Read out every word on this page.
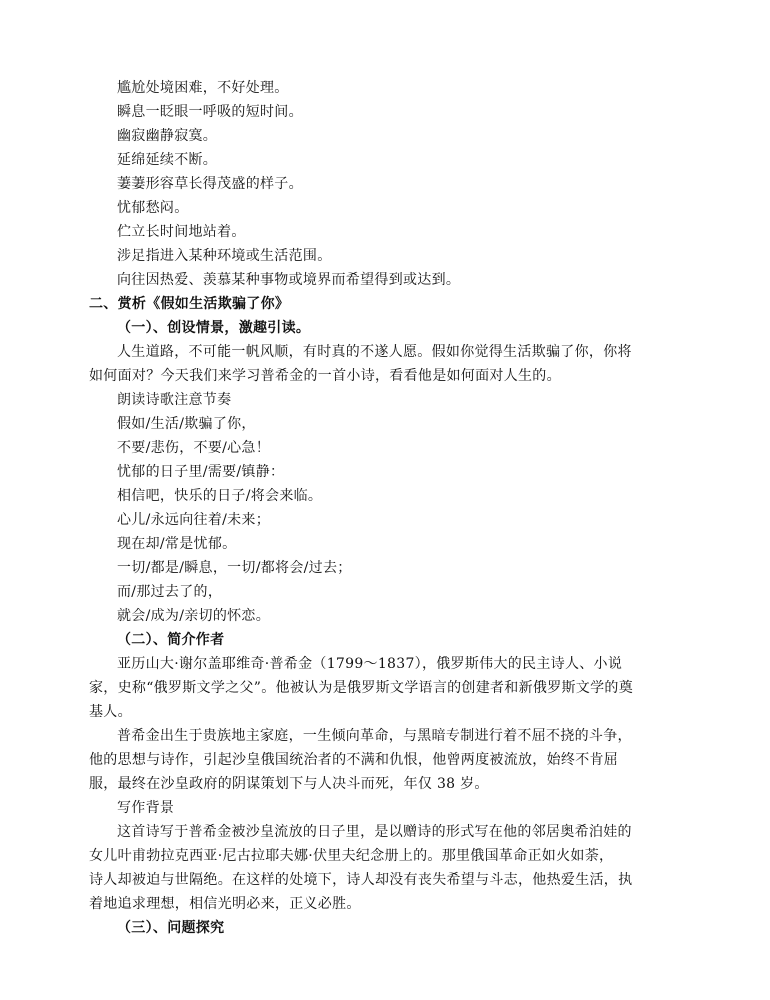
尴尬处境困难，不好处理。
瞬息一眨眼一呼吸的短时间。
幽寂幽静寂寞。
延绵延续不断。
萋萋形容草长得茂盛的样子。
忧郁愁闷。
伫立长时间地站着。
涉足指进入某种环境或生活范围。
向往因热爱、羡慕某种事物或境界而希望得到或达到。
二、赏析《假如生活欺骗了你》
（一）、创设情景，激趣引读。
人生道路，不可能一帆风顺，有时真的不遂人愿。假如你觉得生活欺骗了你，你将
如何面对？今天我们来学习普希金的一首小诗，看看他是如何面对人生的。
朗读诗歌注意节奏
假如/生活/欺骗了你，
不要/悲伤，不要/心急！
忧郁的日子里/需要/镇静：
相信吧，快乐的日子/将会来临。
心儿/永远向往着/未来；
现在却/常是忧郁。
一切/都是/瞬息，一切/都将会/过去；
而/那过去了的，
就会/成为/亲切的怀恋。
（二）、简介作者
亚历山大·谢尔盖耶维奇·普希金（1799～1837），俄罗斯伟大的民主诗人、小说
家，史称“俄罗斯文学之父”。他被认为是俄罗斯文学语言的创建者和新俄罗斯文学的奠
基人。
普希金出生于贵族地主家庭，一生倾向革命，与黑暗专制进行着不屈不挠的斗争，
他的思想与诗作，引起沙皇俄国统治者的不满和仇恨，他曾两度被流放，始终不肯屈
服，最终在沙皇政府的阴谋策划下与人决斗而死，年仅 38 岁。
写作背景
这首诗写于普希金被沙皇流放的日子里，是以赠诗的形式写在他的邻居奥希泊娃的
女儿叶甫勃拉克西亚·尼古拉耶夫娜·伏里夫纪念册上的。那里俄国革命正如火如荼，
诗人却被迫与世隔绝。在这样的处境下，诗人却没有丧失希望与斗志，他热爱生活，执
着地追求理想，相信光明必来，正义必胜。
（三）、问题探究
